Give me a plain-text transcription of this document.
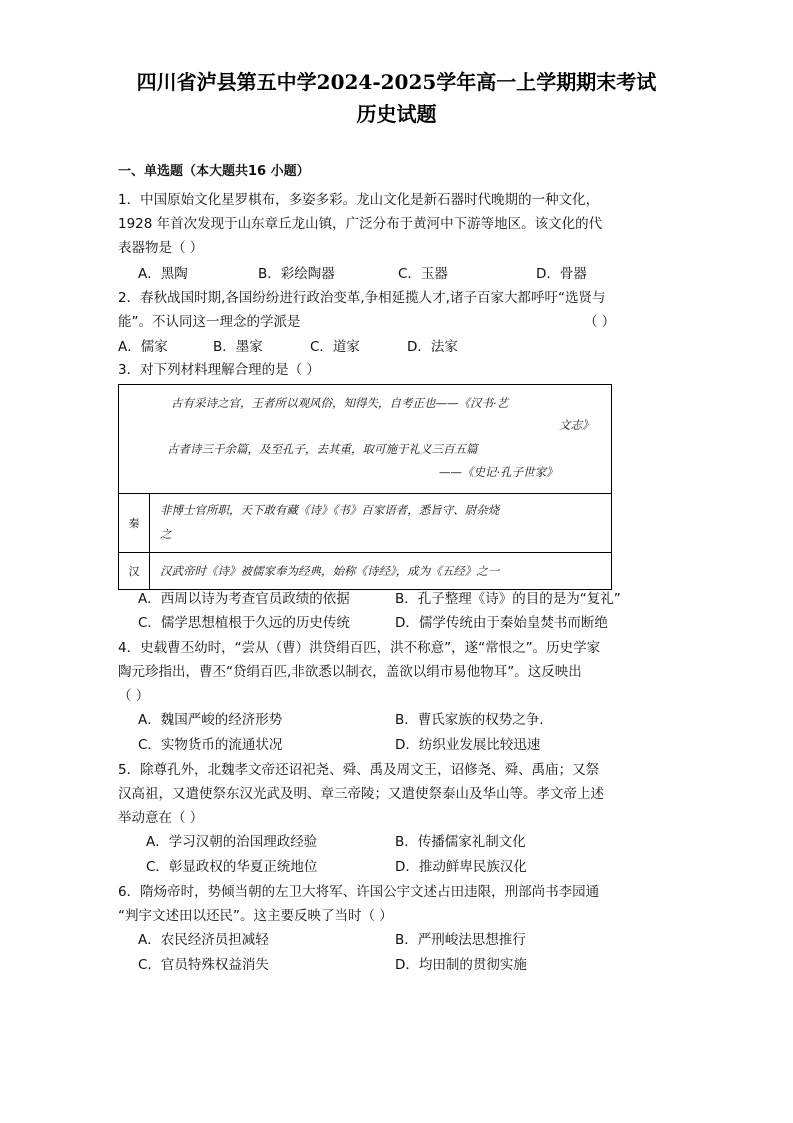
四川省泸县第五中学2024-2025学年高一上学期期末考试
历史试题
一、单选题（本大题共16 小题）
1．中国原始文化星罗棋布，多姿多彩。龙山文化是新石器时代晚期的一种文化，
1928 年首次发现于山东章丘龙山镇，广泛分布于黄河中下游等地区。该文化的代
表器物是（ ）
A．黑陶	B．彩绘陶器	C．玉器	D．骨器
2．春秋战国时期,各国纷纷进行政治变革,争相延揽人才,诸子百家大都呼吁“选贤与
能”。不认同这一理念的学派是	（ ）
A．儒家	B．墨家	C．道家	D．法家
3．对下列材料理解合理的是（ ）
古有采诗之官，王者所以观风俗，知得失，自考正也——《汉书·艺
文志》
古者诗三千余篇，及至孔子，去其重，取可施于礼义三百五篇
——《史记·孔子世家》	

秦	非博士官所职，天下敢有藏《诗》《书》百家语者，悉旨守、尉杂烧
之

汉	汉武帝时《诗》被儒家奉为经典，始称《诗经》，成为《五经》之一
A．西周以诗为考查官员政绩的依据	B．孔子整理《诗》的目的是为“复礼”
C．儒学思想植根于久远的历史传统	D．儒学传统由于秦始皇焚书而断绝
4．史载曹丕幼时，“尝从（曹）洪贷绢百匹，洪不称意”，遂“常恨之”。历史学家
陶元珍指出，曹丕“贷绢百匹,非欲悉以制衣，盖欲以绢市易他物耳”。这反映出
（ ）
A．魏国严峻的经济形势	B．曹氏家族的权势之争.
C．实物货币的流通状况	D．纺织业发展比较迅速
5．除尊孔外，北魏孝文帝还诏祀尧、舜、禹及周文王，诏修尧、舜、禹庙；又祭
汉高祖，又遣使祭东汉光武及明、章三帝陵；又遣使祭泰山及华山等。孝文帝上述
举动意在（ ）
A．学习汉朝的治国理政经验	B．传播儒家礼制文化
C．彰显政权的华夏正统地位	D．推动鲜卑民族汉化
6．隋炀帝时，势倾当朝的左卫大将军、许国公宇文述占田违限，刑部尚书李园通
“判宇文述田以还民”。这主要反映了当时（ ）
A．农民经济员担减轻	B．严刑峻法思想推行
C．官员特殊权益消失	D．均田制的贯彻实施
